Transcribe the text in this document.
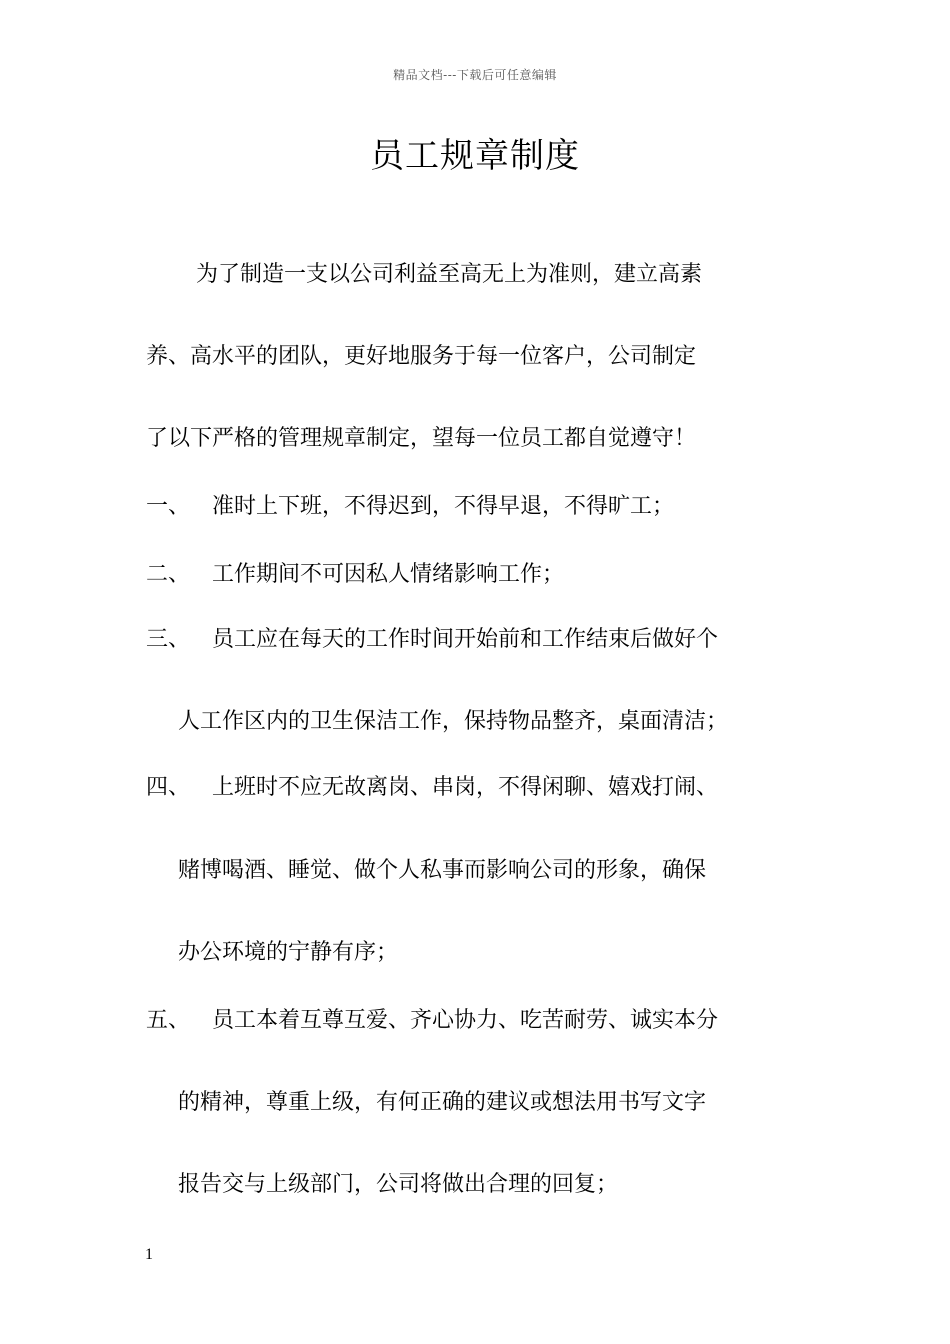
精品文档---下载后可任意编辑
员工规章制度
为了制造一支以公司利益至高无上为准则，建立高素
养、高水平的团队，更好地服务于每一位客户，公司制定
了以下严格的管理规章制定，望每一位员工都自觉遵守！
一、 准时上下班，不得迟到，不得早退，不得旷工；
二、 工作期间不可因私人情绪影响工作；
三、 员工应在每天的工作时间开始前和工作结束后做好个
人工作区内的卫生保洁工作，保持物品整齐，桌面清洁；
四、 上班时不应无故离岗、串岗，不得闲聊、嬉戏打闹、
赌博喝酒、睡觉、做个人私事而影响公司的形象，确保
办公环境的宁静有序；
五、 员工本着互尊互爱、齐心协力、吃苦耐劳、诚实本分
的精神，尊重上级，有何正确的建议或想法用书写文字
报告交与上级部门，公司将做出合理的回复；
1
